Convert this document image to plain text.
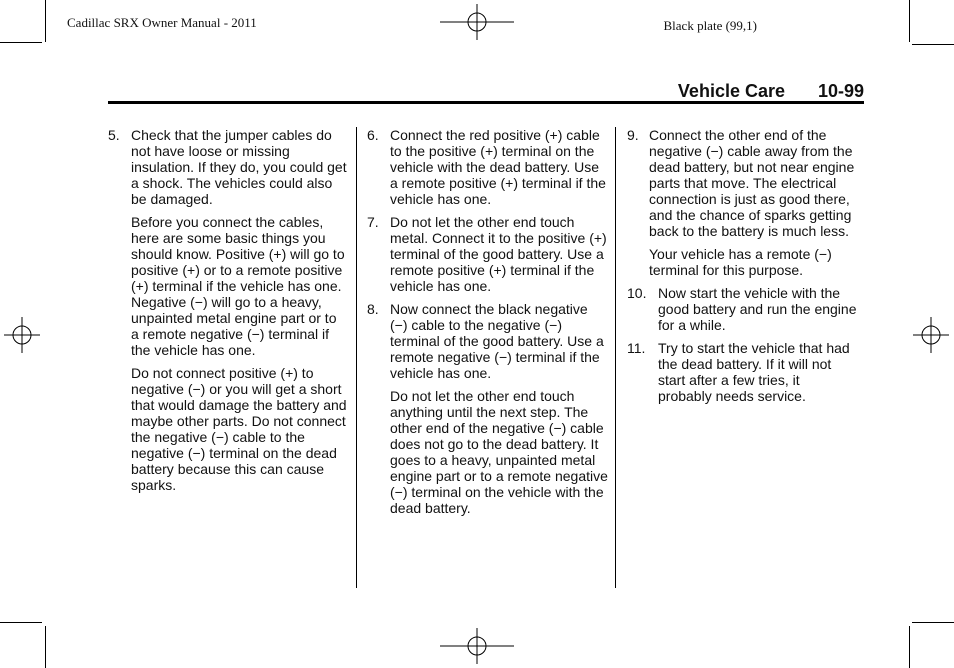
Cadillac SRX Owner Manual - 2011	Black plate (99,1)
Vehicle Care 10-99
5. Check that the jumper cables do not have loose or missing insulation. If they do, you could get a shock. The vehicles could also be damaged.
Before you connect the cables, here are some basic things you should know. Positive (+) will go to positive (+) or to a remote positive (+) terminal if the vehicle has one. Negative (−) will go to a heavy, unpainted metal engine part or to a remote negative (−) terminal if the vehicle has one.
Do not connect positive (+) to negative (−) or you will get a short that would damage the battery and maybe other parts. Do not connect the negative (−) cable to the negative (−) terminal on the dead battery because this can cause sparks.
6. Connect the red positive (+) cable to the positive (+) terminal on the vehicle with the dead battery. Use a remote positive (+) terminal if the vehicle has one.
7. Do not let the other end touch metal. Connect it to the positive (+) terminal of the good battery. Use a remote positive (+) terminal if the vehicle has one.
8. Now connect the black negative (−) cable to the negative (−) terminal of the good battery. Use a remote negative (−) terminal if the vehicle has one.
Do not let the other end touch anything until the next step. The other end of the negative (−) cable does not go to the dead battery. It goes to a heavy, unpainted metal engine part or to a remote negative (−) terminal on the vehicle with the dead battery.
9. Connect the other end of the negative (−) cable away from the dead battery, but not near engine parts that move. The electrical connection is just as good there, and the chance of sparks getting back to the battery is much less.
Your vehicle has a remote (−) terminal for this purpose.
10. Now start the vehicle with the good battery and run the engine for a while.
11. Try to start the vehicle that had the dead battery. If it will not start after a few tries, it probably needs service.
